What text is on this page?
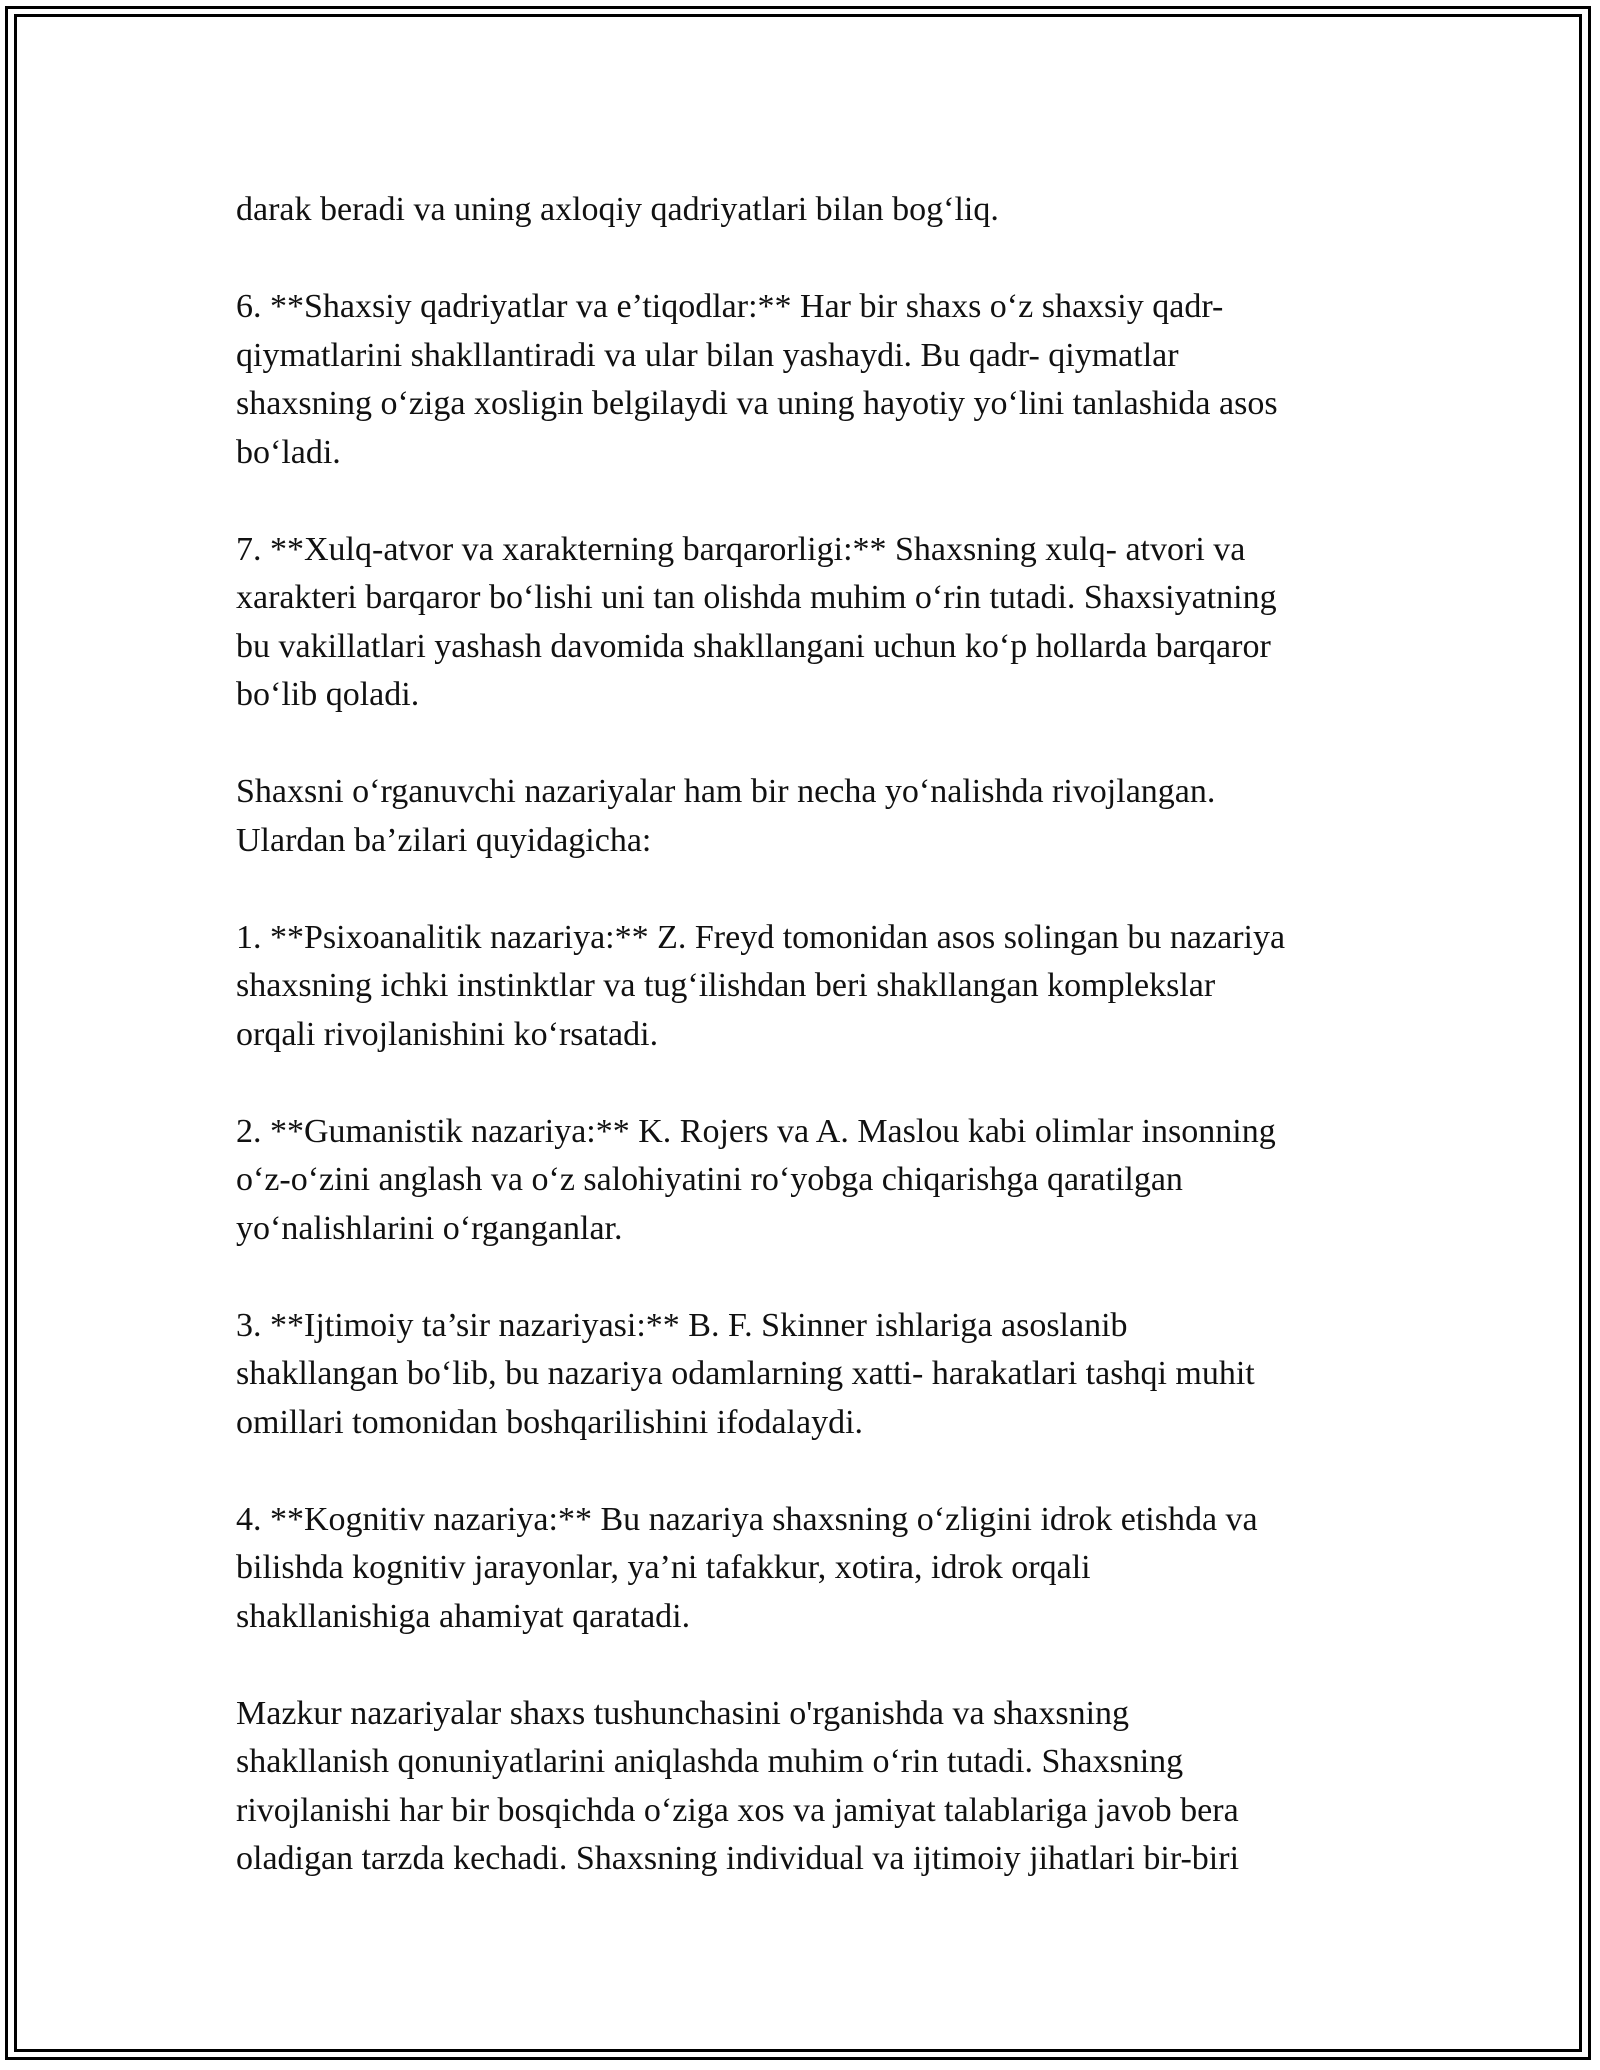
darak beradi va uning axloqiy qadriyatlari bilan bog‘liq.

6. **Shaxsiy qadriyatlar va e’tiqodlar:** Har bir shaxs o‘z shaxsiy qadr-
qiymatlarini shakllantiradi va ular bilan yashaydi. Bu qadr- qiymatlar
shaxsning o‘ziga xosligin belgilaydi va uning hayotiy yo‘lini tanlashida asos
bo‘ladi.

7. **Xulq-atvor va xarakterning barqarorligi:** Shaxsning xulq- atvori va
xarakteri barqaror bo‘lishi uni tan olishda muhim o‘rin tutadi. Shaxsiyatning
bu vakillatlari yashash davomida shakllangani uchun ko‘p hollarda barqaror
bo‘lib qoladi.

Shaxsni o‘rganuvchi nazariyalar ham bir necha yo‘nalishda rivojlangan.
Ulardan ba’zilari quyidagicha:

1. **Psixoanalitik nazariya:** Z. Freyd tomonidan asos solingan bu nazariya
shaxsning ichki instinktlar va tug‘ilishdan beri shakllangan komplekslar
orqali rivojlanishini ko‘rsatadi.

2. **Gumanistik nazariya:** K. Rojers va A. Maslou kabi olimlar insonning
o‘z-o‘zini anglash va o‘z salohiyatini ro‘yobga chiqarishga qaratilgan
yo‘nalishlarini o‘rganganlar.

3. **Ijtimoiy ta’sir nazariyasi:** B. F. Skinner ishlariga asoslanib
shakllangan bo‘lib, bu nazariya odamlarning xatti- harakatlari tashqi muhit
omillari tomonidan boshqarilishini ifodalaydi.

4. **Kognitiv nazariya:** Bu nazariya shaxsning o‘zligini idrok etishda va
bilishda kognitiv jarayonlar, ya’ni tafakkur, xotira, idrok orqali
shakllanishiga ahamiyat qaratadi.

Mazkur nazariyalar shaxs tushunchasini o'rganishda va shaxsning
shakllanish qonuniyatlarini aniqlashda muhim o‘rin tutadi. Shaxsning
rivojlanishi har bir bosqichda o‘ziga xos va jamiyat talablariga javob bera
oladigan tarzda kechadi. Shaxsning individual va ijtimoiy jihatlari bir-biri
